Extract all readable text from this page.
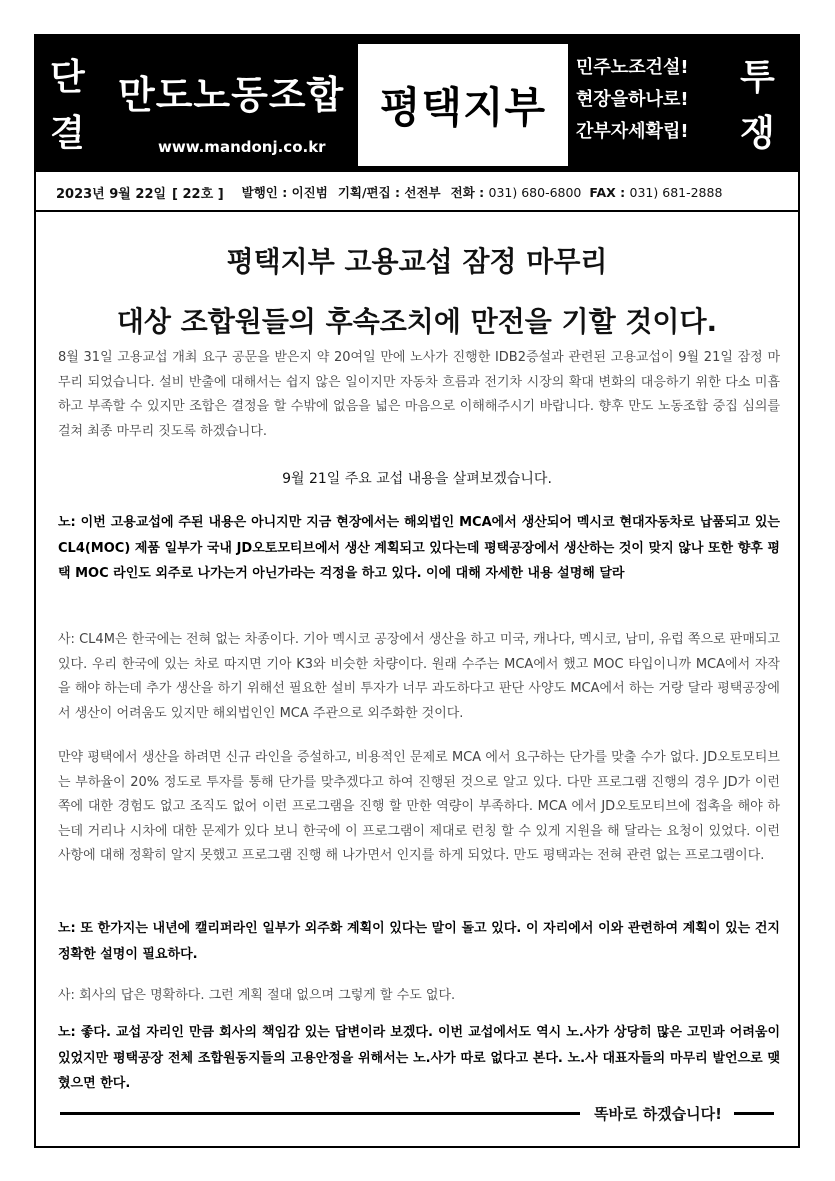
단
결
만도노동조합
www.mandonj.co.kr
평택지부
민주노조건설!
현장을하나로!
간부자세확립!
투
쟁
2023년 9월 22일 [ 22호 ] 발행인 : 이진범 기획/편집 : 선전부 전화 : 031) 680-6800 FAX : 031) 681-2888
평택지부 고용교섭 잠정 마무리
대상 조합원들의 후속조치에 만전을 기할 것이다.

8월 31일 고용교섭 개최 요구 공문을 받은지 약 20여일 만에 노사가 진행한 IDB2증설과 관련된 고용교섭이 9월 21일 잠정 마무리 되었습니다. 설비 반출에 대해서는 쉽지 않은 일이지만 자동차 흐름과 전기차 시장의 확대 변화의 대응하기 위한 다소 미흡하고 부족할 수 있지만 조합은 결정을 할 수밖에 없음을 넓은 마음으로 이해해주시기 바랍니다. 향후 만도 노동조합 중집 심의를 걸쳐 최종 마무리 짓도록 하겠습니다.

9월 21일 주요 교섭 내용을 살펴보겠습니다.

노: 이번 고용교섭에 주된 내용은 아니지만 지금 현장에서는 해외법인 MCA에서 생산되어 멕시코 현대자동차로 납품되고 있는 CL4(MOC) 제품 일부가 국내 JD오토모티브에서 생산 계획되고 있다는데 평택공장에서 생산하는 것이 맞지 않나 또한 향후 평택 MOC 라인도 외주로 나가는거 아닌가라는 걱정을 하고 있다. 이에 대해 자세한 내용 설명해 달라

사: CL4M은 한국에는 전혀 없는 차종이다. 기아 멕시코 공장에서 생산을 하고 미국, 캐나다, 멕시코, 남미, 유럽 쪽으로 판매되고 있다. 우리 한국에 있는 차로 따지면 기아 K3와 비슷한 차량이다. 원래 수주는 MCA에서 했고 MOC 타입이니까 MCA에서 자작을 해야 하는데 추가 생산을 하기 위해선 필요한 설비 투자가 너무 과도하다고 판단 사양도 MCA에서 하는 거랑 달라 평택공장에서 생산이 어려움도 있지만 해외법인인 MCA 주관으로 외주화한 것이다.

만약 평택에서 생산을 하려면 신규 라인을 증설하고, 비용적인 문제로 MCA 에서 요구하는 단가를 맞출 수가 없다. JD오토모티브는 부하율이 20% 정도로 투자를 통해 단가를 맞추겠다고 하여 진행된 것으로 알고 있다. 다만 프로그램 진행의 경우 JD가 이런 쪽에 대한 경험도 없고 조직도 없어 이런 프로그램을 진행 할 만한 역량이 부족하다. MCA 에서 JD오토모티브에 접촉을 해야 하는데 거리나 시차에 대한 문제가 있다 보니 한국에 이 프로그램이 제대로 런칭 할 수 있게 지원을 해 달라는 요청이 있었다. 이런 사항에 대해 정확히 알지 못했고 프로그램 진행 해 나가면서 인지를 하게 되었다. 만도 평택과는 전혀 관련 없는 프로그램이다.

노: 또 한가지는 내년에 캘리퍼라인 일부가 외주화 계획이 있다는 말이 돌고 있다. 이 자리에서 이와 관련하여 계획이 있는 건지 정확한 설명이 필요하다.

사: 회사의 답은 명확하다. 그런 계획 절대 없으며 그렇게 할 수도 없다.

노: 좋다. 교섭 자리인 만큼 회사의 책임감 있는 답변이라 보겠다. 이번 교섭에서도 역시 노.사가 상당히 많은 고민과 어려움이 있었지만 평택공장 전체 조합원동지들의 고용안정을 위해서는 노.사가 따로 없다고 본다. 노.사 대표자들의 마무리 발언으로 맺혔으면 한다.

똑바로 하겠습니다!
